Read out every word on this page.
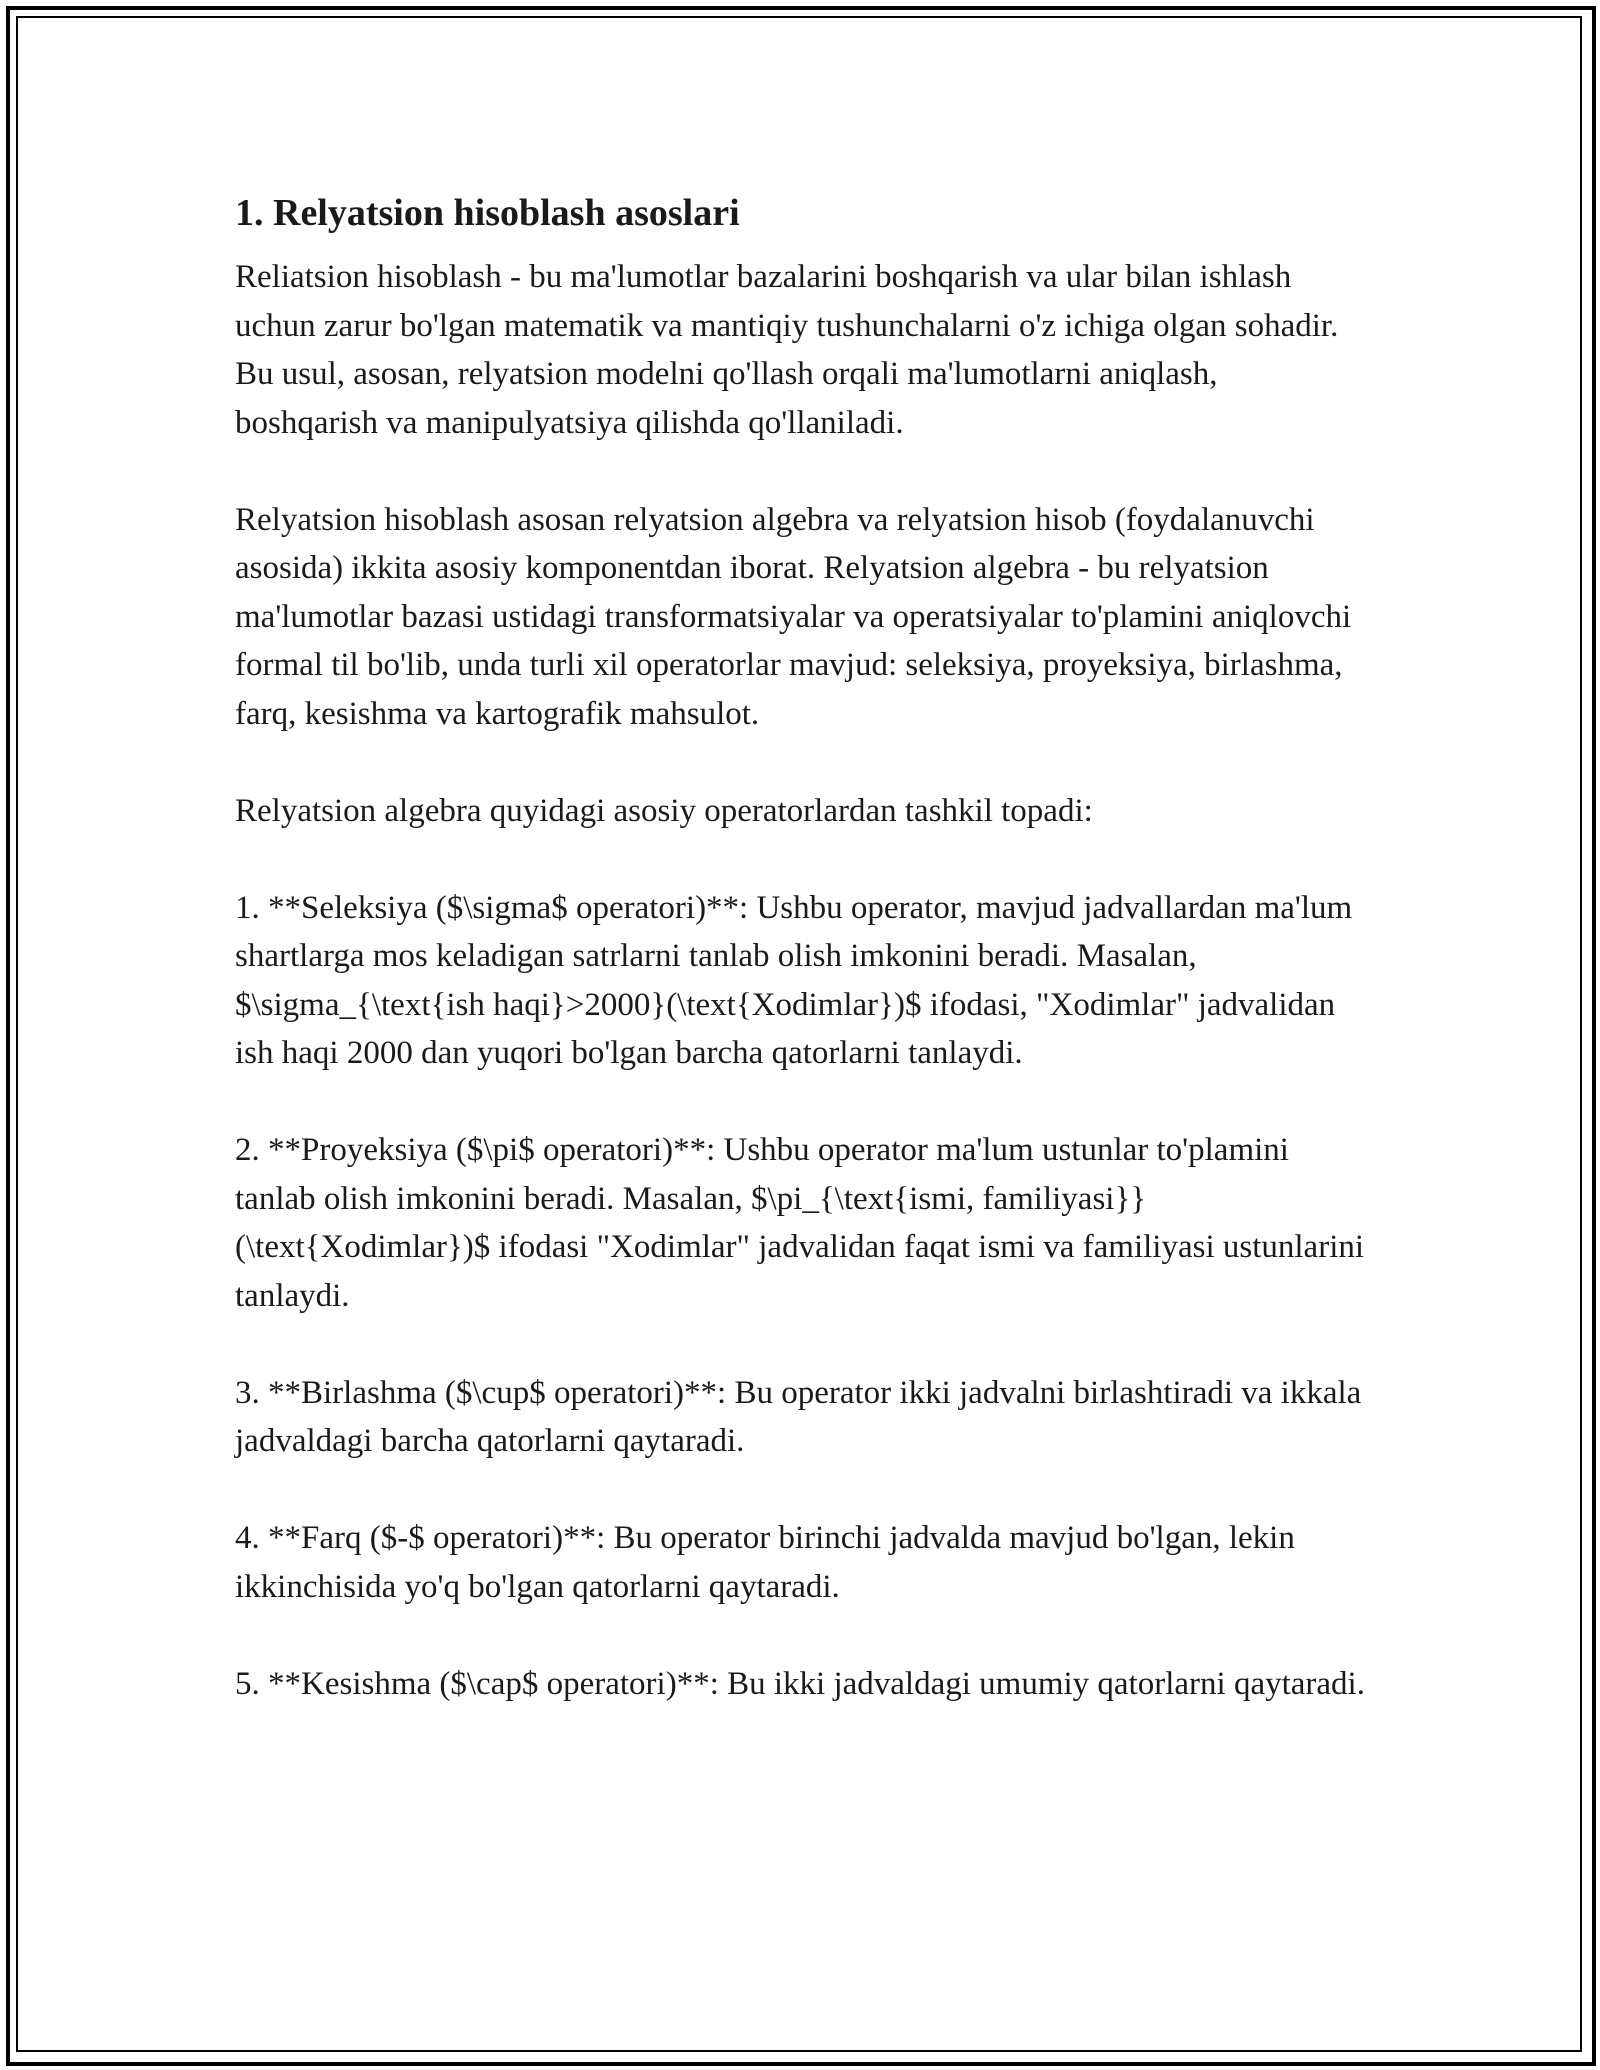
1. Relyatsion hisoblash asoslari

Reliatsion hisoblash - bu ma'lumotlar bazalarini boshqarish va ular bilan ishlash uchun zarur bo'lgan matematik va mantiqiy tushunchalarni o'z ichiga olgan sohadir. Bu usul, asosan, relyatsion modelni qo'llash orqali ma'lumotlarni aniqlash, boshqarish va manipulyatsiya qilishda qo'llaniladi.

Relyatsion hisoblash asosan relyatsion algebra va relyatsion hisob (foydalanuvchi asosida) ikkita asosiy komponentdan iborat. Relyatsion algebra - bu relyatsion ma'lumotlar bazasi ustidagi transformatsiyalar va operatsiyalar to'plamini aniqlovchi formal til bo'lib, unda turli xil operatorlar mavjud: seleksiya, proyeksiya, birlashma, farq, kesishma va kartografik mahsulot.

Relyatsion algebra quyidagi asosiy operatorlardan tashkil topadi:

1. **Seleksiya ($\sigma$ operatori)**: Ushbu operator, mavjud jadvallardan ma'lum shartlarga mos keladigan satrlarni tanlab olish imkonini beradi. Masalan, $\sigma_{\text{ish haqi}>2000}(\text{Xodimlar})$ ifodasi, "Xodimlar" jadvalidan ish haqi 2000 dan yuqori bo'lgan barcha qatorlarni tanlaydi.

2. **Proyeksiya ($\pi$ operatori)**: Ushbu operator ma'lum ustunlar to'plamini tanlab olish imkonini beradi. Masalan, $\pi_{\text{ismi, familiyasi}}(\text{Xodimlar})$ ifodasi "Xodimlar" jadvalidan faqat ismi va familiyasi ustunlarini tanlaydi.

3. **Birlashma ($\cup$ operatori)**: Bu operator ikki jadvalni birlashtiradi va ikkala jadvaldagi barcha qatorlarni qaytaradi.

4. **Farq ($-$ operatori)**: Bu operator birinchi jadvalda mavjud bo'lgan, lekin ikkinchisida yo'q bo'lgan qatorlarni qaytaradi.

5. **Kesishma ($\cap$ operatori)**: Bu ikki jadvaldagi umumiy qatorlarni qaytaradi.
